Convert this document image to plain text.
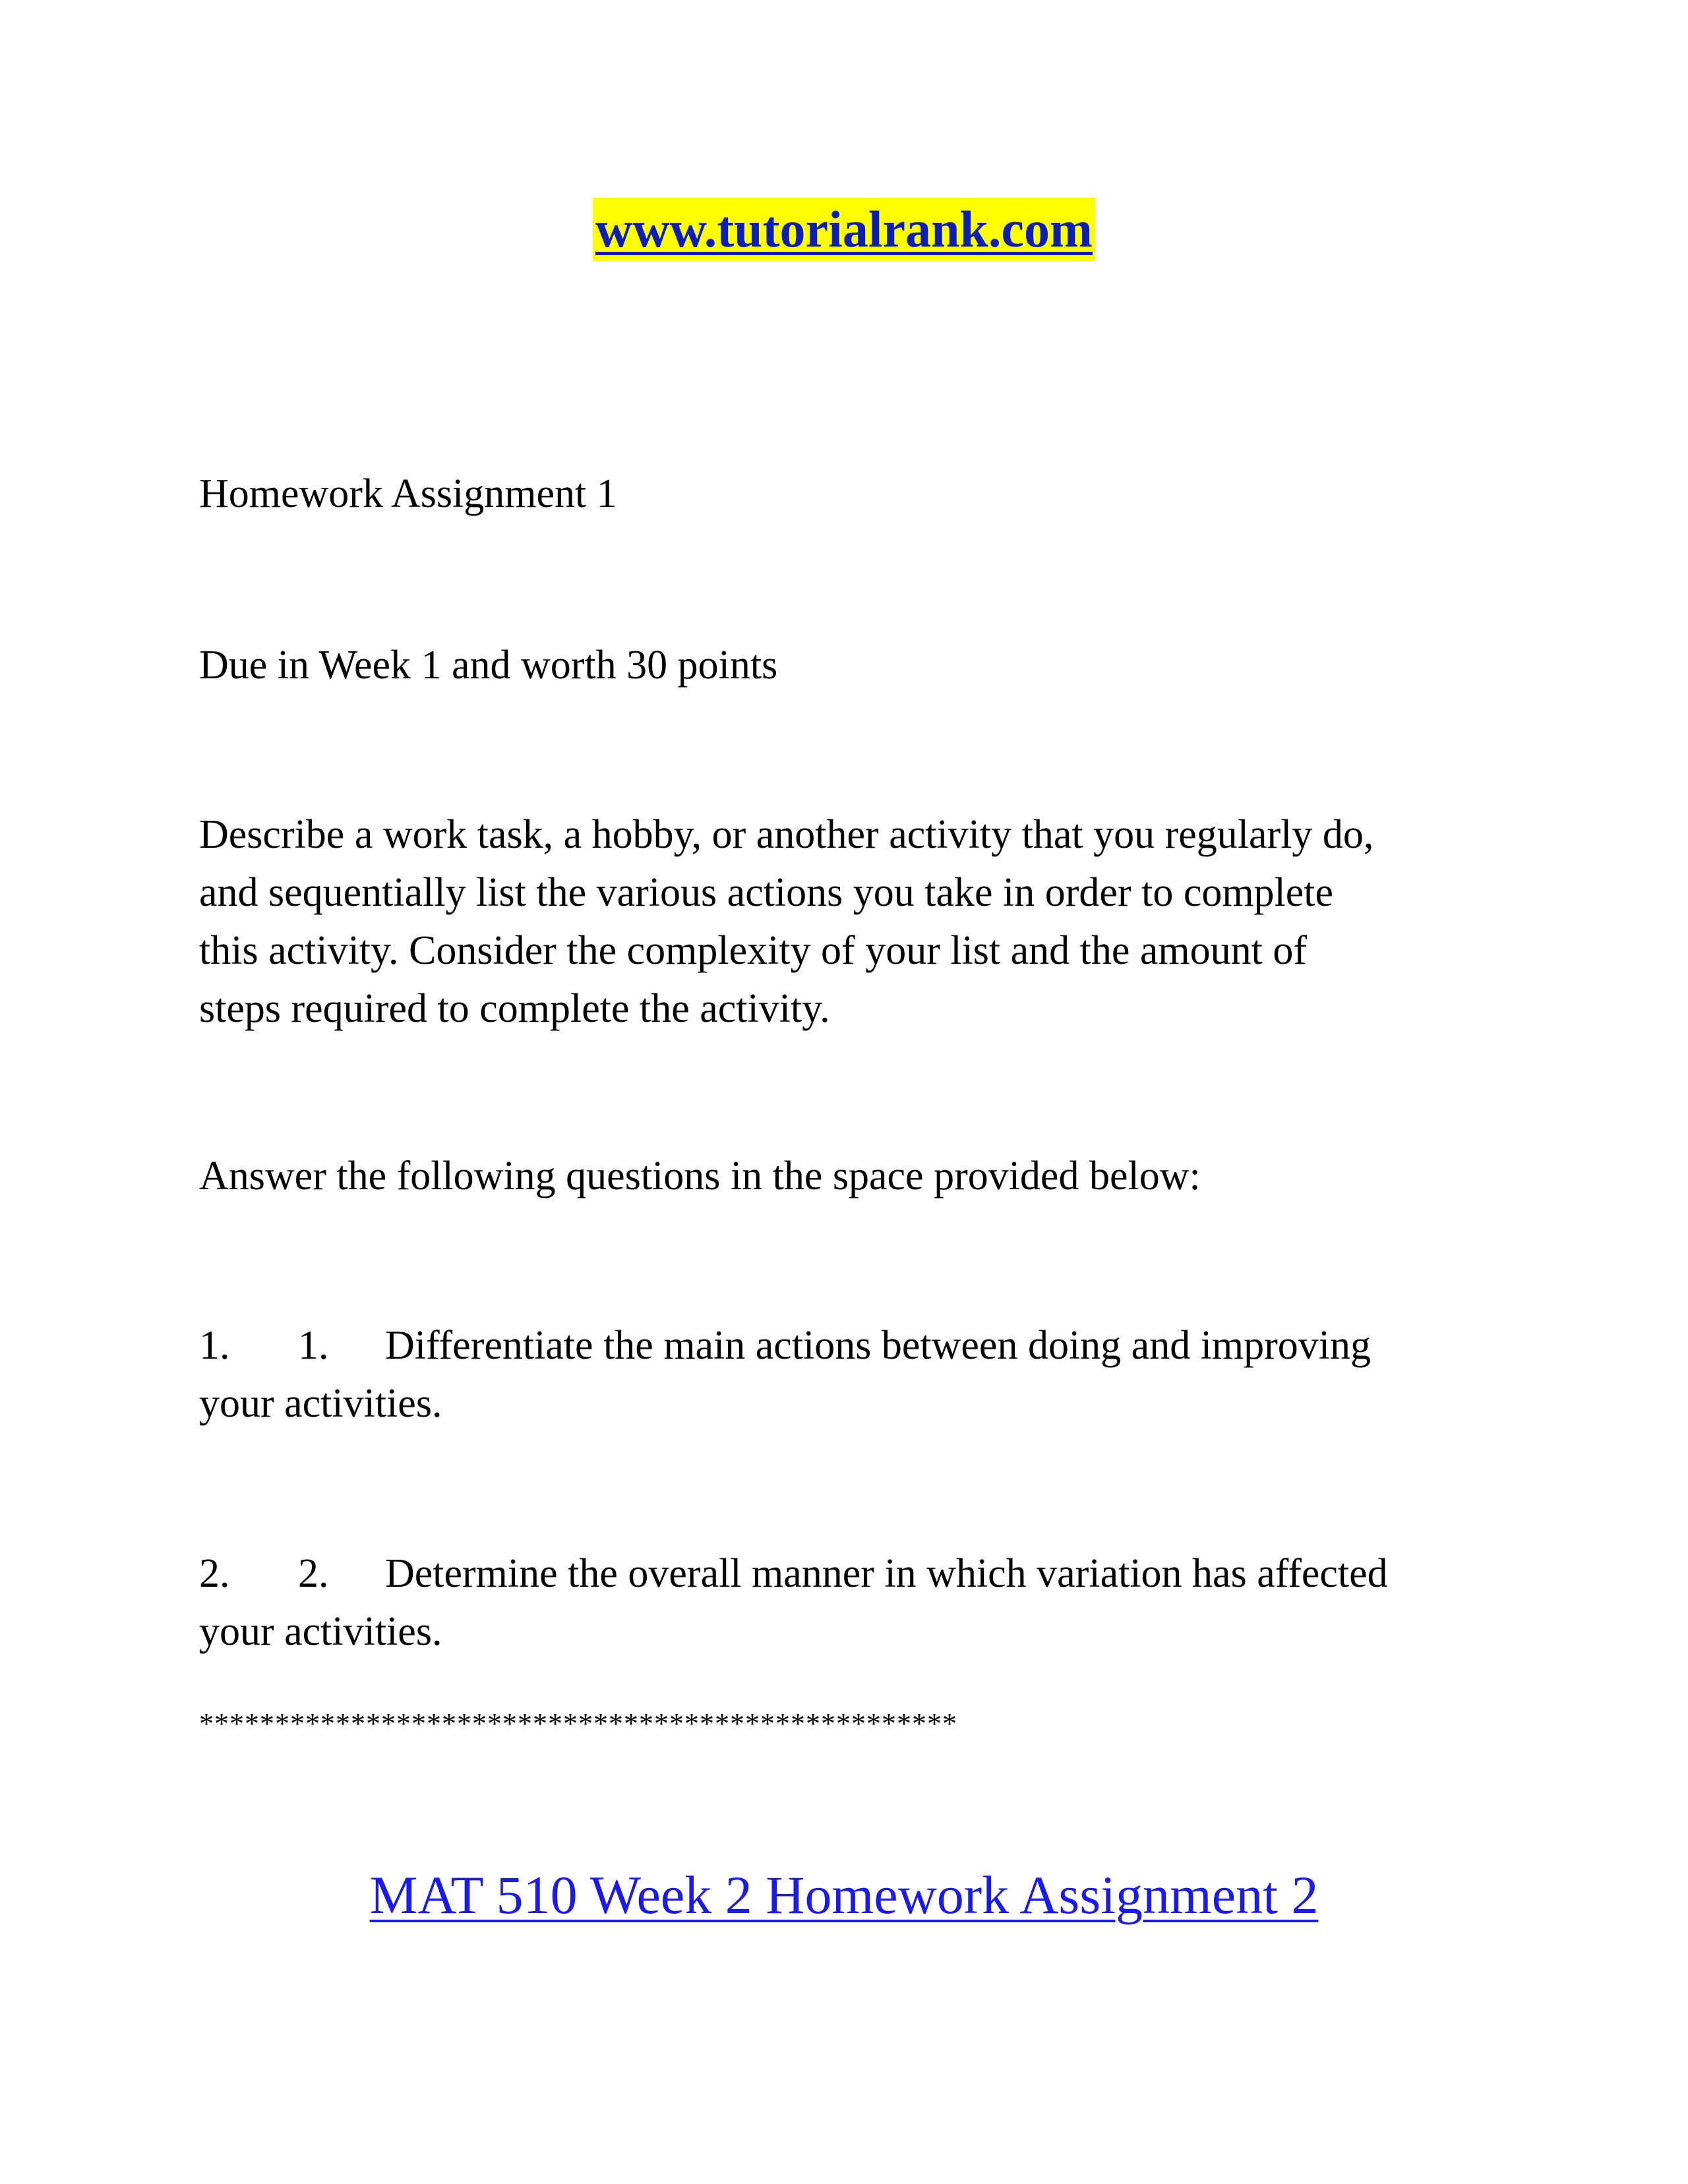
www.tutorialrank.com
Homework Assignment 1
Due in Week 1 and worth 30 points
Describe a work task, a hobby, or another activity that you regularly do,
and sequentially list the various actions you take in order to complete
this activity. Consider the complexity of your list and the amount of
steps required to complete the activity.
Answer the following questions in the space provided below:
1. 1. Differentiate the main actions between doing and improving
your activities.
2. 2. Determine the overall manner in which variation has affected
your activities.
**************************************************
MAT 510 Week 2 Homework Assignment 2
